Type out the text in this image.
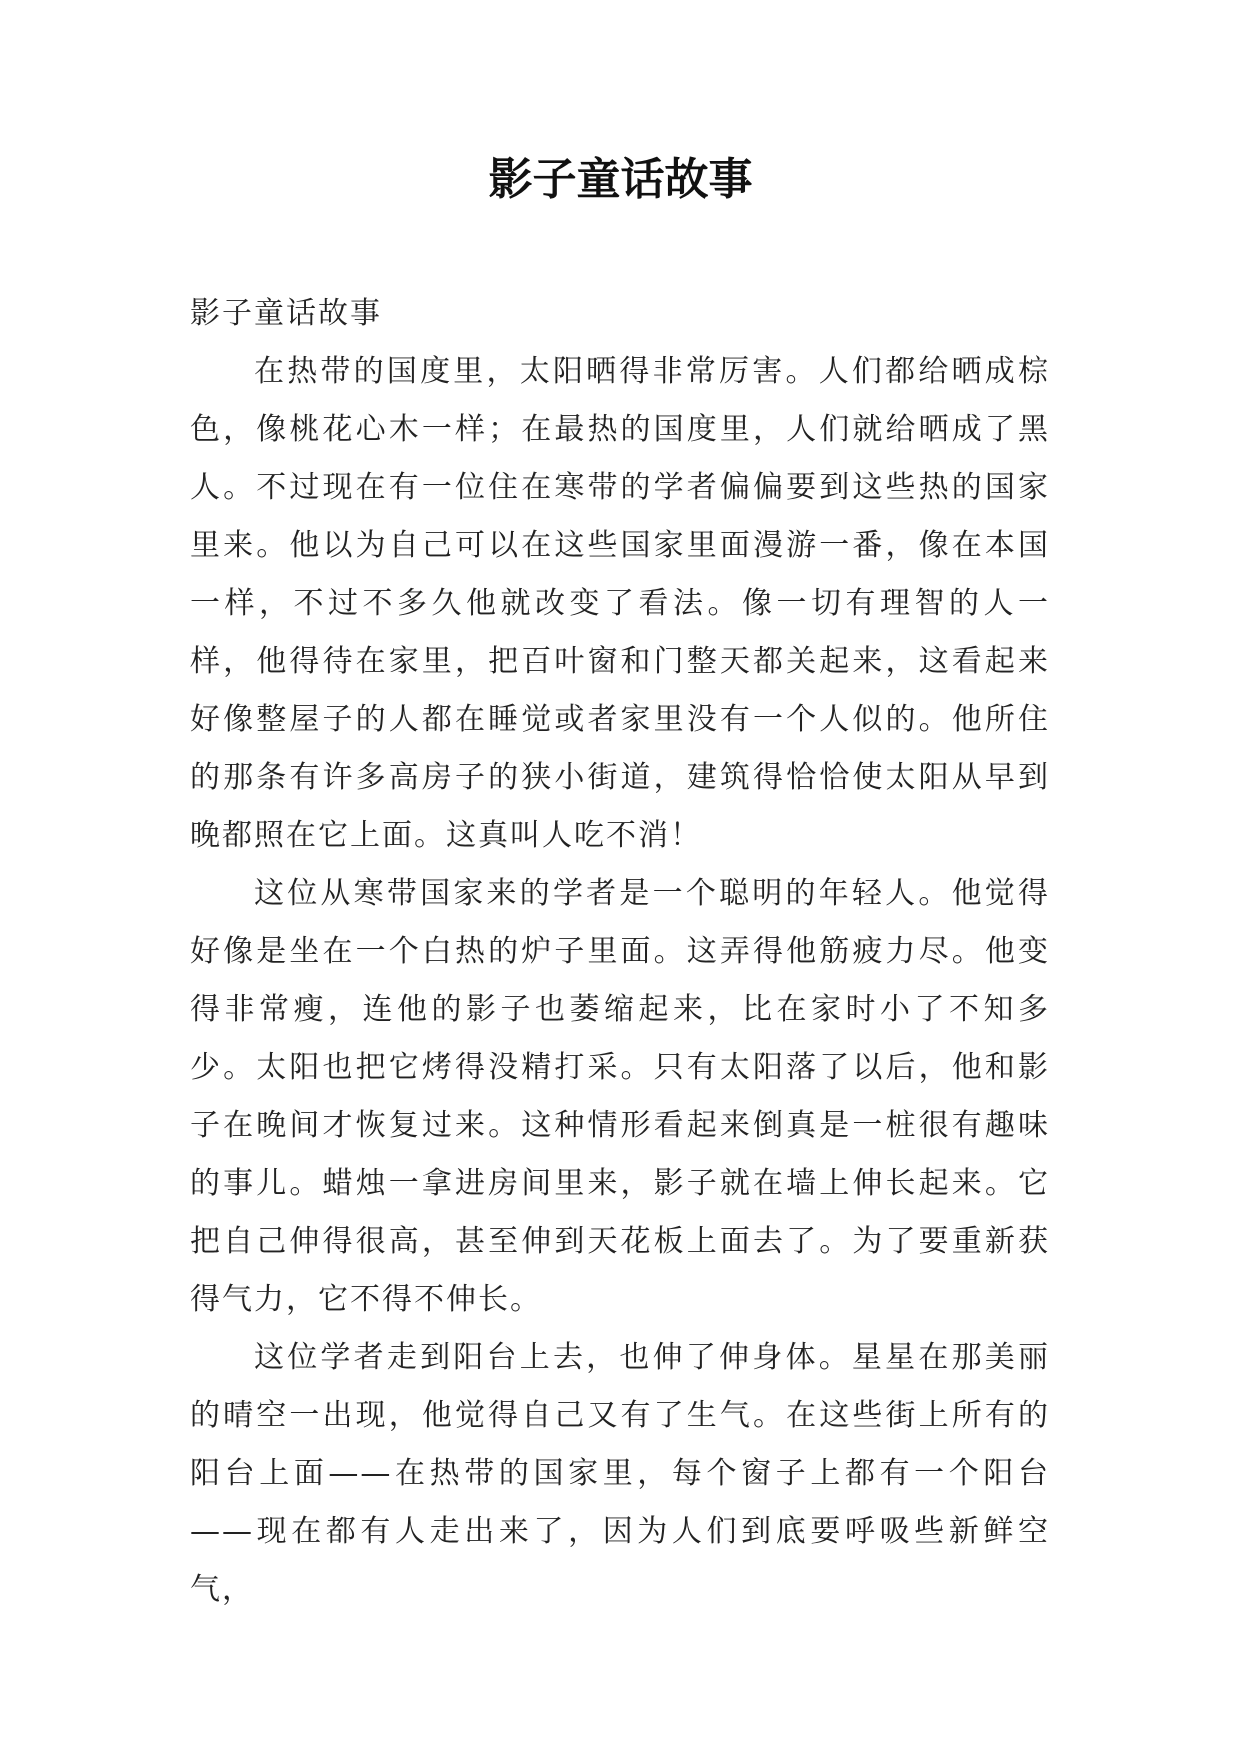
影子童话故事

影子童话故事

在热带的国度里，太阳晒得非常厉害。人们都给晒成棕色，像桃花心木一样；在最热的国度里，人们就给晒成了黑人。不过现在有一位住在寒带的学者偏偏要到这些热的国家里来。他以为自己可以在这些国家里面漫游一番，像在本国一样，不过不多久他就改变了看法。像一切有理智的人一样，他得待在家里，把百叶窗和门整天都关起来，这看起来好像整屋子的人都在睡觉或者家里没有一个人似的。他所住的那条有许多高房子的狭小街道，建筑得恰恰使太阳从早到晚都照在它上面。这真叫人吃不消！

这位从寒带国家来的学者是一个聪明的年轻人。他觉得好像是坐在一个白热的炉子里面。这弄得他筋疲力尽。他变得非常瘦，连他的影子也萎缩起来，比在家时小了不知多少。太阳也把它烤得没精打采。只有太阳落了以后，他和影子在晚间才恢复过来。这种情形看起来倒真是一桩很有趣味的事儿。蜡烛一拿进房间里来，影子就在墙上伸长起来。它把自己伸得很高，甚至伸到天花板上面去了。为了要重新获得气力，它不得不伸长。

这位学者走到阳台上去，也伸了伸身体。星星在那美丽的晴空一出现，他觉得自己又有了生气。在这些街上所有的阳台上面——在热带的国家里，每个窗子上都有一个阳台——现在都有人走出来了，因为人们到底要呼吸些新鲜空气，
